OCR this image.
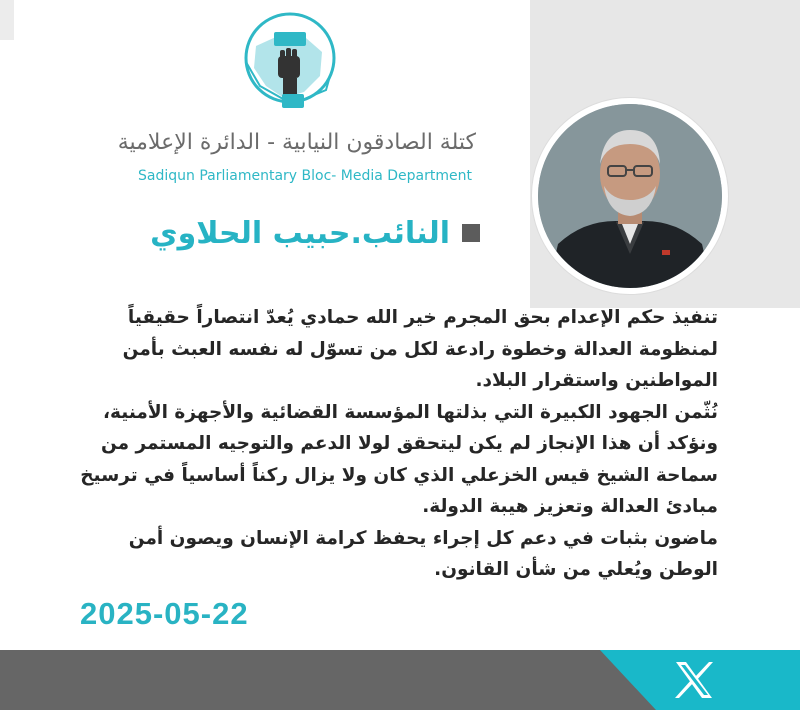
كتلة الصادقون النيابية - الدائرة الإعلامية
Sadiqun Parliamentary Bloc- Media Department
النائب.حبيب الحلاوي

تنفيذ حكم الإعدام بحق المجرم خير الله حمادي يُعدّ انتصاراً حقيقياً لمنظومة العدالة وخطوة رادعة لكل من تسوّل له نفسه العبث بأمن المواطنين واستقرار البلاد.

نُثّمن الجهود الكبيرة التي بذلتها المؤسسة القضائية والأجهزة الأمنية، ونؤكد أن هذا الإنجاز لم يكن ليتحقق لولا الدعم والتوجيه المستمر من سماحة الشيخ قيس الخزعلي الذي كان ولا يزال ركناً أساسياً في ترسيخ مبادئ العدالة وتعزيز هيبة الدولة.

ماضون بثبات في دعم كل إجراء يحفظ كرامة الإنسان ويصون أمن الوطن ويُعلي من شأن القانون.

2025-05-22
